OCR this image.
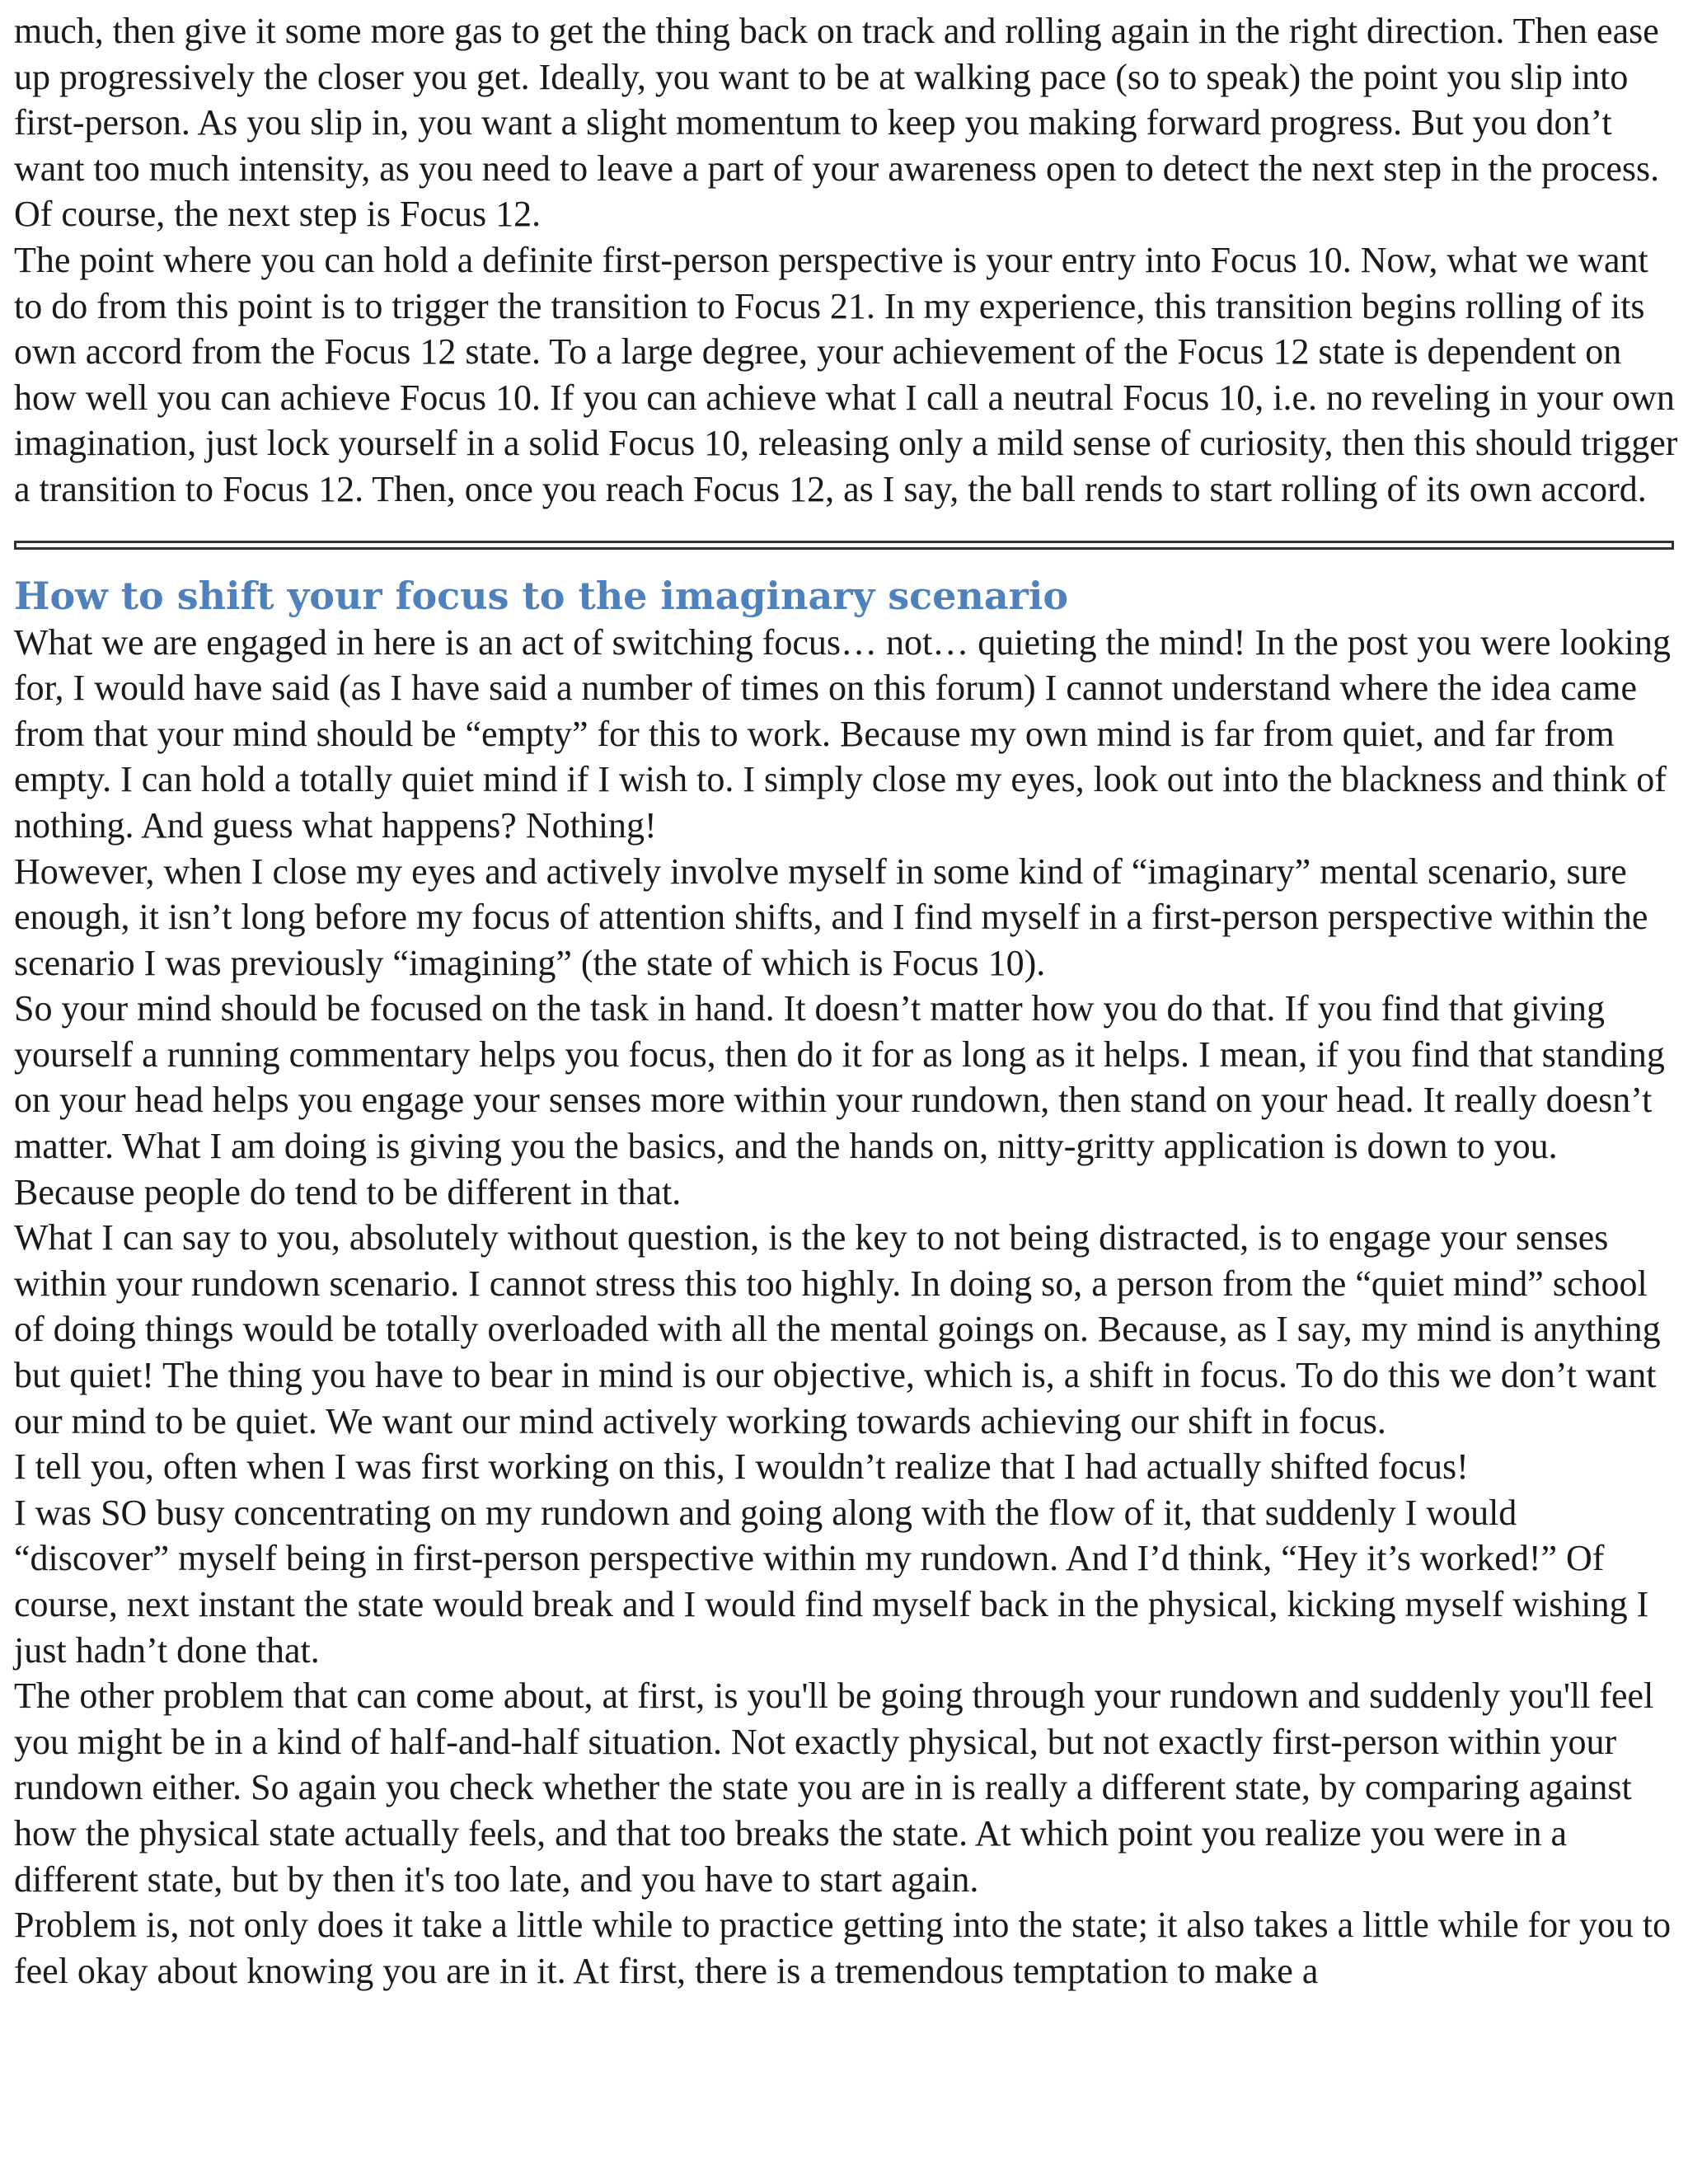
much, then give it some more gas to get the thing back on track and rolling again in the right direction. Then ease up progressively the closer you get. Ideally, you want to be at walking pace (so to speak) the point you slip into first-person. As you slip in, you want a slight momentum to keep you making forward progress. But you don’t want too much intensity, as you need to leave a part of your awareness open to detect the next step in the process.

Of course, the next step is Focus 12.

The point where you can hold a definite first-person perspective is your entry into Focus 10. Now, what we want to do from this point is to trigger the transition to Focus 21. In my experience, this transition begins rolling of its own accord from the Focus 12 state. To a large degree, your achievement of the Focus 12 state is dependent on how well you can achieve Focus 10. If you can achieve what I call a neutral Focus 10, i.e. no reveling in your own imagination, just lock yourself in a solid Focus 10, releasing only a mild sense of curiosity, then this should trigger a transition to Focus 12. Then, once you reach Focus 12, as I say, the ball rends to start rolling of its own accord.

How to shift your focus to the imaginary scenario

What we are engaged in here is an act of switching focus… not… quieting the mind! In the post you were looking for, I would have said (as I have said a number of times on this forum) I cannot understand where the idea came from that your mind should be “empty” for this to work. Because my own mind is far from quiet, and far from empty. I can hold a totally quiet mind if I wish to. I simply close my eyes, look out into the blackness and think of nothing. And guess what happens? Nothing!

However, when I close my eyes and actively involve myself in some kind of “imaginary” mental scenario, sure enough, it isn’t long before my focus of attention shifts, and I find myself in a first-person perspective within the scenario I was previously “imagining” (the state of which is Focus 10).

So your mind should be focused on the task in hand. It doesn’t matter how you do that. If you find that giving yourself a running commentary helps you focus, then do it for as long as it helps. I mean, if you find that standing on your head helps you engage your senses more within your rundown, then stand on your head. It really doesn’t matter. What I am doing is giving you the basics, and the hands on, nitty-gritty application is down to you. Because people do tend to be different in that.

What I can say to you, absolutely without question, is the key to not being distracted, is to engage your senses within your rundown scenario. I cannot stress this too highly. In doing so, a person from the “quiet mind” school of doing things would be totally overloaded with all the mental goings on. Because, as I say, my mind is anything but quiet! The thing you have to bear in mind is our objective, which is, a shift in focus. To do this we don’t want our mind to be quiet. We want our mind actively working towards achieving our shift in focus.

I tell you, often when I was first working on this, I wouldn’t realize that I had actually shifted focus!

I was SO busy concentrating on my rundown and going along with the flow of it, that suddenly I would “discover” myself being in first-person perspective within my rundown. And I’d think, “Hey it’s worked!” Of course, next instant the state would break and I would find myself back in the physical, kicking myself wishing I just hadn’t done that.

The other problem that can come about, at first, is you'll be going through your rundown and suddenly you'll feel you might be in a kind of half-and-half situation. Not exactly physical, but not exactly first-person within your rundown either. So again you check whether the state you are in is really a different state, by comparing against how the physical state actually feels, and that too breaks the state. At which point you realize you were in a different state, but by then it's too late, and you have to start again.

Problem is, not only does it take a little while to practice getting into the state; it also takes a little while for you to feel okay about knowing you are in it. At first, there is a tremendous temptation to make a
